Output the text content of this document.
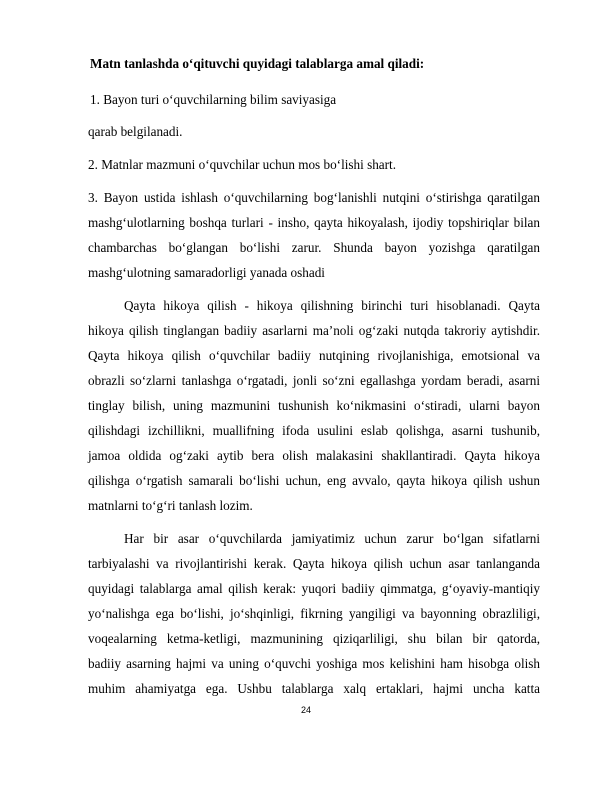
Matn tanlashda oʻqituvchi quyidagi talablarga amal qiladi:
1. Bayon turi o‘quvchilarning bilim saviyasiga
qarab belgilanadi.
2. Matnlar mazmuni oʻquvchilar uchun mos boʻlishi shart.
3. Bayon ustida ishlash oʻquvchilarning bogʻlanishli nutqini oʻstirishga qaratilgan
mashgʻulotlarning boshqa turlari - insho, qayta hikoyalash, ijodiy topshiriqlar bilan
chambarchas boʻglangan boʻlishi zarur. Shunda bayon yozishga qaratilgan
mashgʻulotning samaradorligi yanada oshadi
Qayta hikoya qilish - hikoya qilishning birinchi turi hisoblanadi. Qayta
hikoya qilish tinglangan badiiy asarlarni ma’noli ogʻzaki nutqda takroriy aytishdir.
Qayta hikoya qilish oʻquvchilar badiiy nutqining rivojlanishiga, emotsional va
obrazli soʻzlarni tanlashga oʻrgatadi, jonli soʻzni egallashga yordam beradi, asarni
tinglay bilish, uning mazmunini tushunish koʻnikmasini oʻstiradi, ularni bayon
qilishdagi izchillikni, muallifning ifoda usulini eslab qolishga, asarni tushunib,
jamoa oldida ogʻzaki aytib bera olish malakasini shakllantiradi. Qayta hikoya
qilishga oʻrgatish samarali boʻlishi uchun, eng avvalo, qayta hikoya qilish ushun
matnlarni toʻgʻri tanlash lozim.
Har bir asar oʻquvchilarda jamiyatimiz uchun zarur boʻlgan sifatlarni
tarbiyalashi va rivojlantirishi kerak. Qayta hikoya qilish uchun asar tanlanganda
quyidagi talablarga amal qilish kerak: yuqori badiiy qimmatga, gʻoyaviy-mantiqiy
yoʻnalishga ega boʻlishi, joʻshqinligi, fikrning yangiligi va bayonning obrazliligi,
voqealarning ketma-ketligi, mazmunining qiziqarliligi, shu bilan bir qatorda,
badiiy asarning hajmi va uning oʻquvchi yoshiga mos kelishini ham hisobga olish
muhim ahamiyatga ega. Ushbu talablarga xalq ertaklari, hajmi uncha katta
24
